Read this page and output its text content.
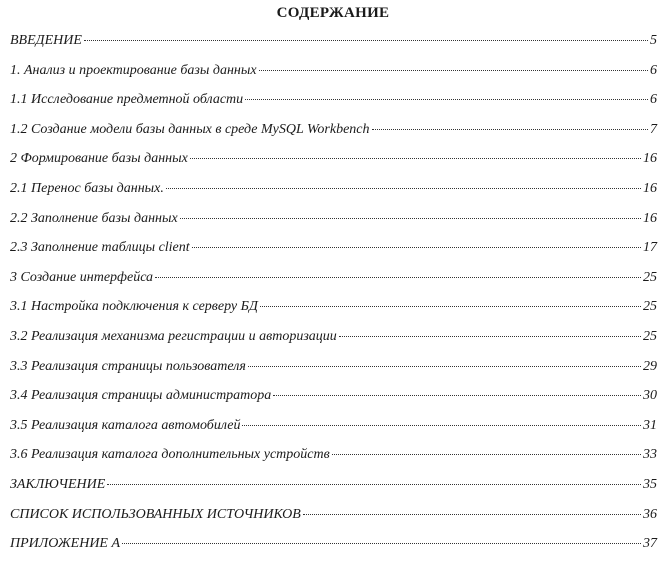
СОДЕРЖАНИЕ
ВВЕДЕНИЕ	5
1. Анализ и проектирование базы данных	6
1.1 Исследование предметной области	6
1.2 Создание модели базы данных в среде MySQL Workbench	7
2 Формирование базы данных	16
2.1 Перенос базы данных.	16
2.2 Заполнение базы данных	16
2.3 Заполнение таблицы client	17
3 Создание интерфейса	25
3.1 Настройка подключения к серверу БД	25
3.2 Реализация механизма регистрации и авторизации	25
3.3 Реализация страницы пользователя	29
3.4 Реализация страницы администратора	30
3.5 Реализация каталога автомобилей	31
3.6 Реализация каталога дополнительных устройств	33
ЗАКЛЮЧЕНИЕ	35
СПИСОК ИСПОЛЬЗОВАННЫХ ИСТОЧНИКОВ	36
ПРИЛОЖЕНИЕ А	37
